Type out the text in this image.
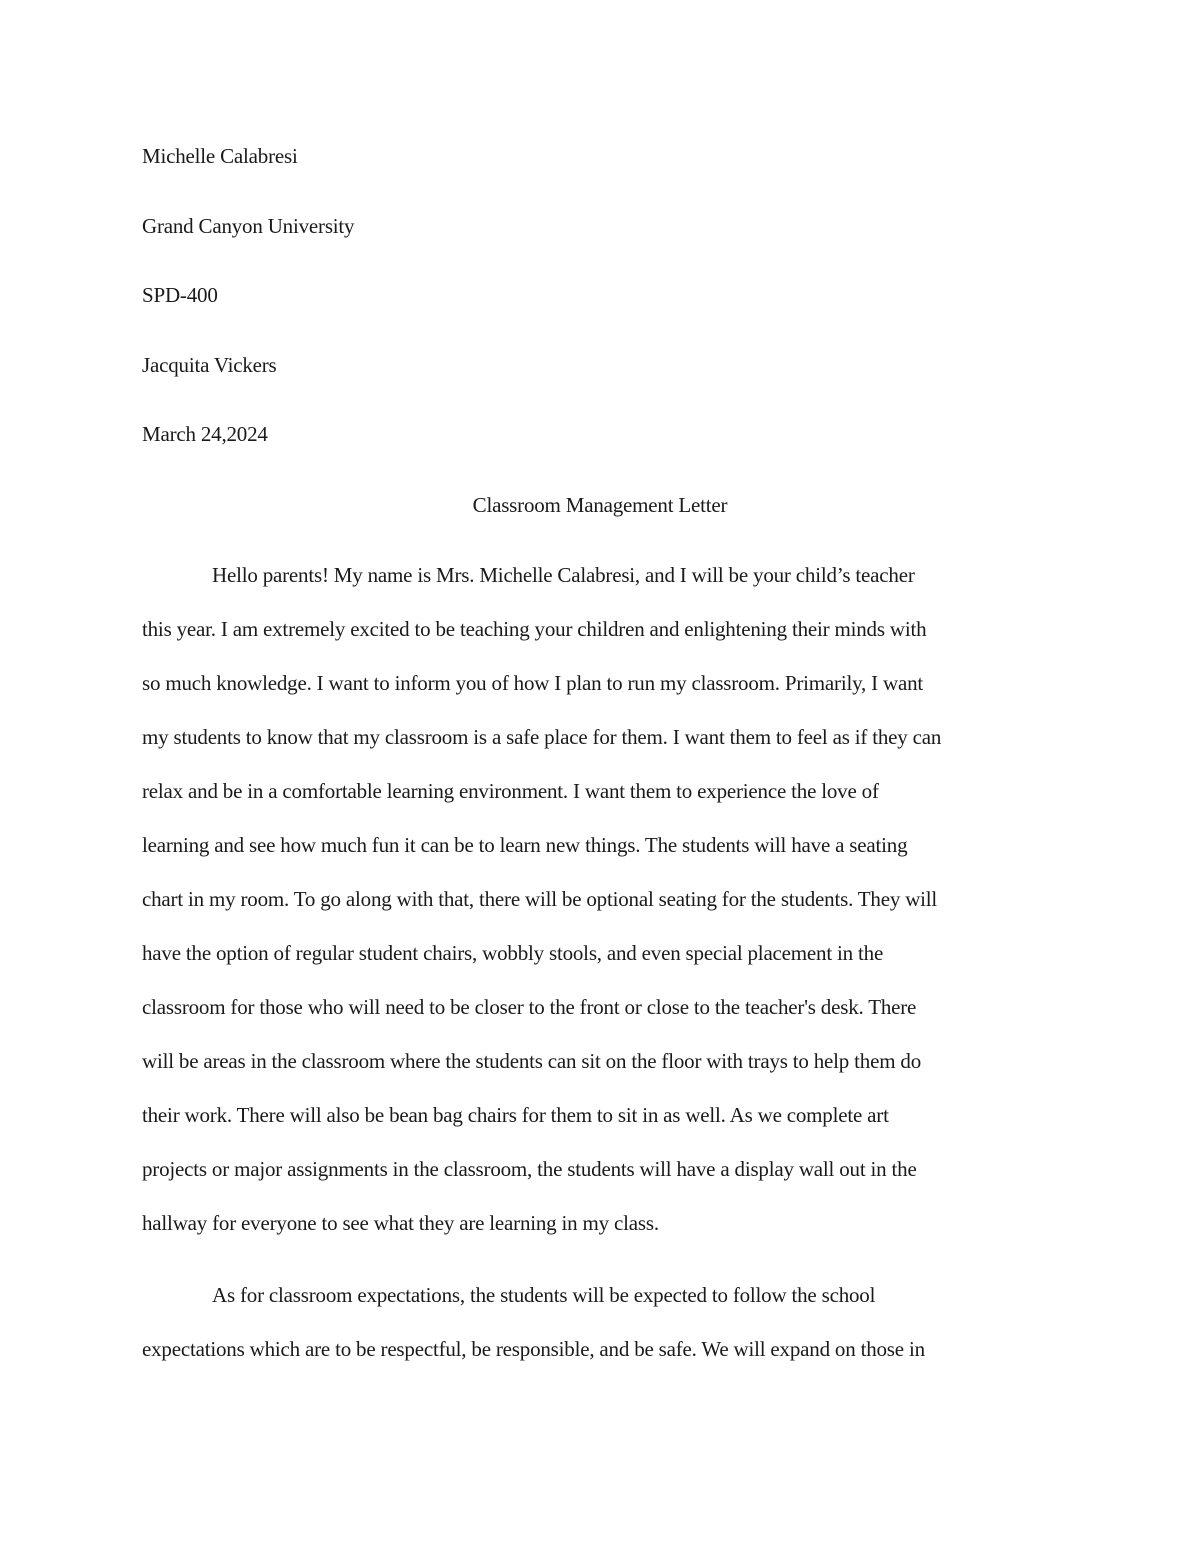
Michelle Calabresi

Grand Canyon University

SPD-400

Jacquita Vickers

March 24,2024

Classroom Management Letter

Hello parents! My name is Mrs. Michelle Calabresi, and I will be your child’s teacher

this year. I am extremely excited to be teaching your children and enlightening their minds with

so much knowledge. I want to inform you of how I plan to run my classroom. Primarily, I want

my students to know that my classroom is a safe place for them. I want them to feel as if they can

relax and be in a comfortable learning environment. I want them to experience the love of

learning and see how much fun it can be to learn new things. The students will have a seating

chart in my room. To go along with that, there will be optional seating for the students. They will

have the option of regular student chairs, wobbly stools, and even special placement in the

classroom for those who will need to be closer to the front or close to the teacher's desk. There

will be areas in the classroom where the students can sit on the floor with trays to help them do

their work. There will also be bean bag chairs for them to sit in as well. As we complete art

projects or major assignments in the classroom, the students will have a display wall out in the

hallway for everyone to see what they are learning in my class.

As for classroom expectations, the students will be expected to follow the school

expectations which are to be respectful, be responsible, and be safe. We will expand on those in
